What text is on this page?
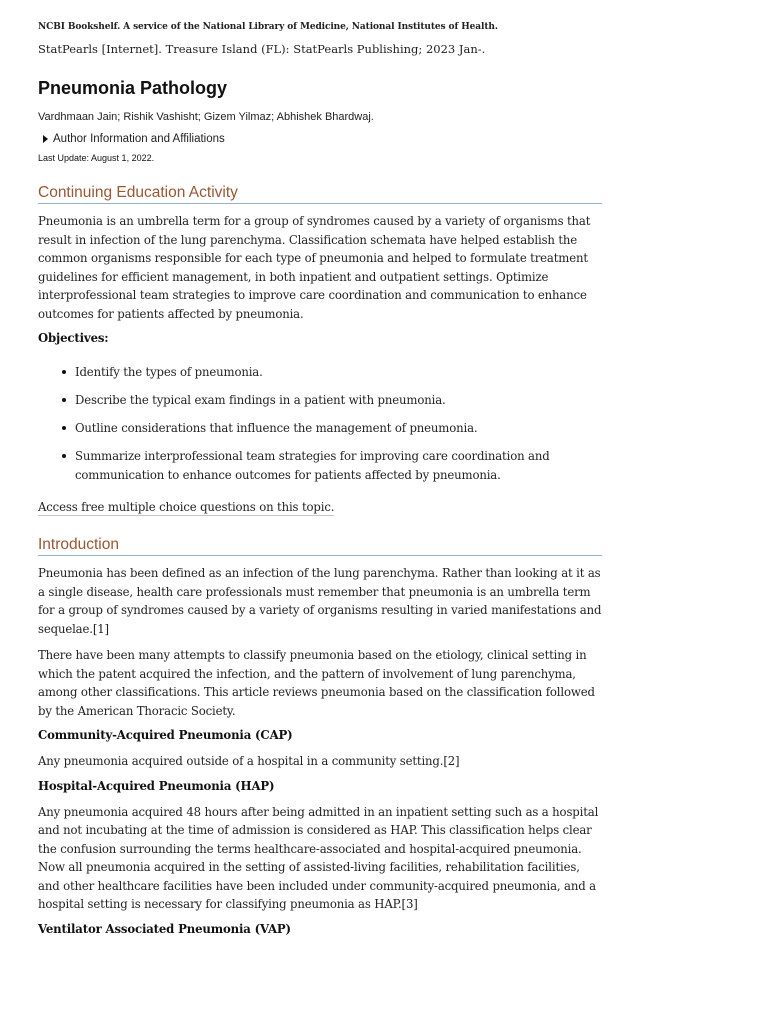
NCBI Bookshelf. A service of the National Library of Medicine, National Institutes of Health.
StatPearls [Internet]. Treasure Island (FL): StatPearls Publishing; 2023 Jan-.
Pneumonia Pathology
Vardhmaan Jain; Rishik Vashisht; Gizem Yilmaz; Abhishek Bhardwaj.
Author Information and Affiliations
Last Update: August 1, 2022.
Continuing Education Activity

Pneumonia is an umbrella term for a group of syndromes caused by a variety of organisms that result in infection of the lung parenchyma. Classification schemata have helped establish the common organisms responsible for each type of pneumonia and helped to formulate treatment guidelines for efficient management, in both inpatient and outpatient settings. Optimize interprofessional team strategies to improve care coordination and communication to enhance outcomes for patients affected by pneumonia.

Objectives:

Identify the types of pneumonia.
Describe the typical exam findings in a patient with pneumonia.
Outline considerations that influence the management of pneumonia.
Summarize interprofessional team strategies for improving care coordination and communication to enhance outcomes for patients affected by pneumonia.
Access free multiple choice questions on this topic.
Introduction

Pneumonia has been defined as an infection of the lung parenchyma. Rather than looking at it as a single disease, health care professionals must remember that pneumonia is an umbrella term for a group of syndromes caused by a variety of organisms resulting in varied manifestations and sequelae.[1]

There have been many attempts to classify pneumonia based on the etiology, clinical setting in which the patent acquired the infection, and the pattern of involvement of lung parenchyma, among other classifications. This article reviews pneumonia based on the classification followed by the American Thoracic Society.

Community-Acquired Pneumonia (CAP)

Any pneumonia acquired outside of a hospital in a community setting.[2]

Hospital-Acquired Pneumonia (HAP)

Any pneumonia acquired 48 hours after being admitted in an inpatient setting such as a hospital and not incubating at the time of admission is considered as HAP. This classification helps clear the confusion surrounding the terms healthcare-associated and hospital-acquired pneumonia. Now all pneumonia acquired in the setting of assisted-living facilities, rehabilitation facilities, and other healthcare facilities have been included under community-acquired pneumonia, and a hospital setting is necessary for classifying pneumonia as HAP.[3]

Ventilator Associated Pneumonia (VAP)
